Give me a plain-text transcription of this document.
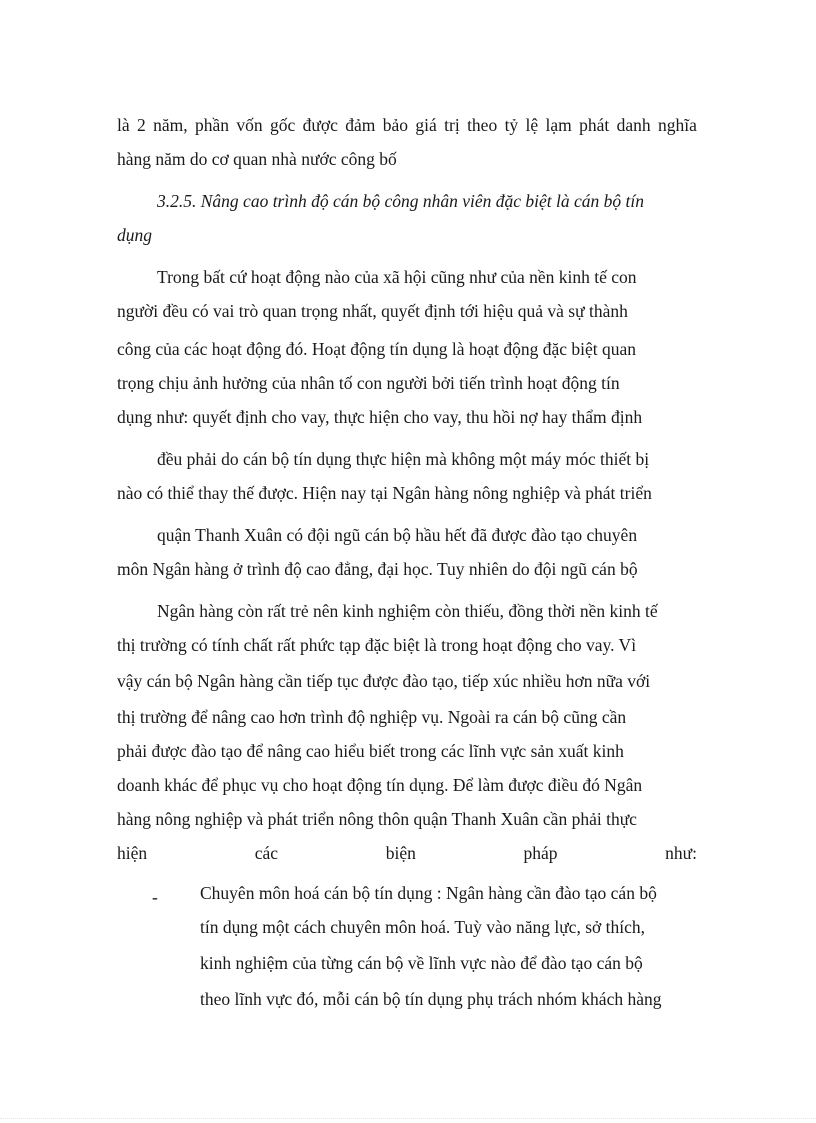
là 2 năm, phần vốn gốc được đảm bảo giá trị theo tỷ lệ lạm phát danh nghĩa
hàng năm do cơ quan nhà nước công bố
3.2.5. Nâng cao trình độ cán bộ công nhân viên đặc biệt là cán bộ tín
dụng
Trong bất cứ hoạt động nào của xã hội cũng như của nền kinh tế con
người đều có vai trò quan trọng nhất, quyết định tới hiệu quả và sự thành
công của các hoạt động đó. Hoạt động tín dụng là hoạt động đặc biệt quan
trọng chịu ảnh hưởng của nhân tố con người bởi tiến trình hoạt động tín
dụng như: quyết định cho vay, thực hiện cho vay, thu hồi nợ hay thẩm định
đều phải do cán bộ tín dụng thực hiện mà không một máy móc thiết bị
nào có thiể thay thế được. Hiện nay tại Ngân hàng nông nghiệp và phát triển
quận Thanh Xuân có đội ngũ cán bộ hầu hết đã được đào tạo chuyên
môn Ngân hàng ở trình độ cao đẳng, đại học. Tuy nhiên do đội ngũ cán bộ
Ngân hàng còn rất trẻ nên kinh nghiệm còn thiếu, đồng thời nền kinh tế
thị trường có tính chất rất phức tạp đặc biệt là trong hoạt động cho vay. Vì
vậy cán bộ Ngân hàng cần tiếp tục được đào tạo, tiếp xúc nhiều hơn nữa với
thị trường để nâng cao hơn trình độ nghiệp vụ. Ngoài ra cán bộ cũng cần
phải được đào tạo để nâng cao hiểu biết trong các lĩnh vực sản xuất kinh
doanh khác để phục vụ cho hoạt động tín dụng. Để làm được điều đó Ngân
hàng nông nghiệp và phát triển nông thôn quận Thanh Xuân cần phải thực
hiện	các	biện	pháp	như:
- Chuyên môn hoá cán bộ tín dụng : Ngân hàng cần đào tạo cán bộ
tín dụng một cách chuyên môn hoá. Tuỳ vào năng lực, sở thích,
kinh nghiệm của từng cán bộ về lĩnh vực nào để đào tạo cán bộ
theo lĩnh vực đó, mỗi cán bộ tín dụng phụ trách nhóm khách hàng
